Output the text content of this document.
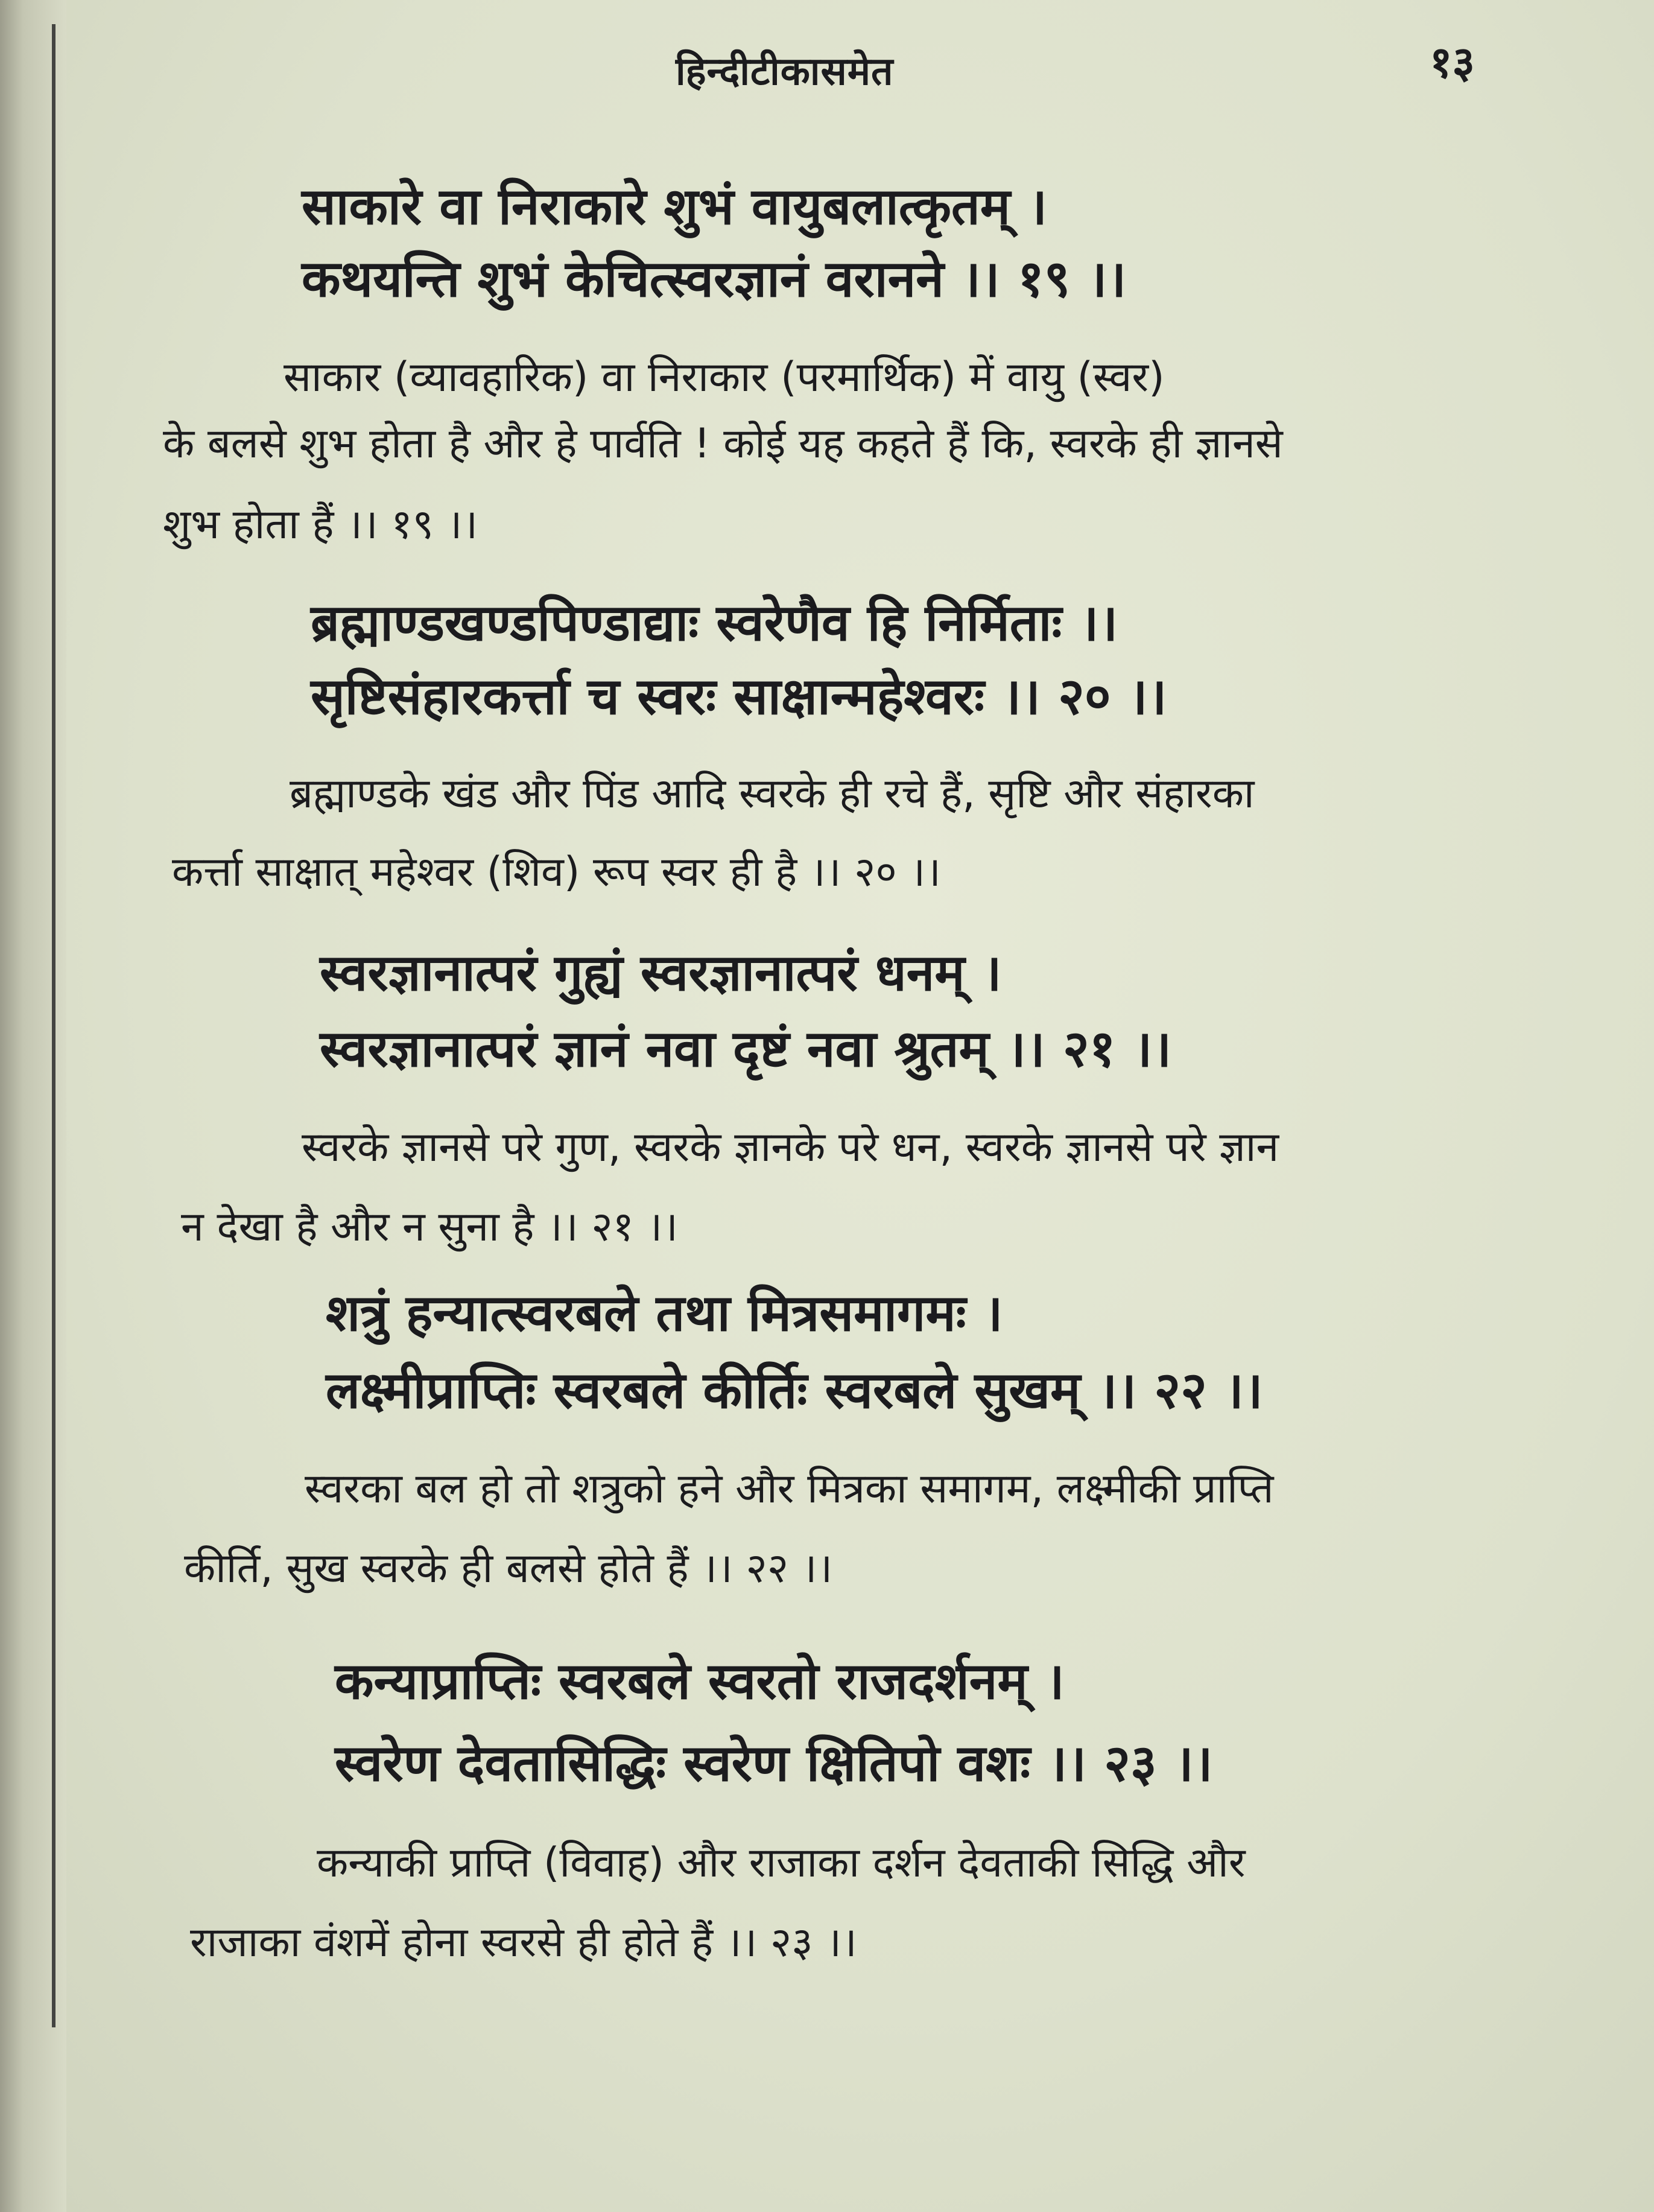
हिन्दीटीकासमेत	१३
साकारे वा निराकारे शुभं वायुबलात्कृतम् ।
कथयन्ति शुभं केचित्स्वरज्ञानं वरानने ।। १९ ।।
साकार (व्यावहारिक) वा निराकार (परमार्थिक) में वायु (स्वर)
के बलसे शुभ होता है और हे पार्वति ! कोई यह कहते हैं कि, स्वरके ही ज्ञानसे
शुभ होता हैं ।। १९ ।।
ब्रह्माण्डखण्डपिण्डाद्याः स्वरेणैव हि निर्मिताः ।।
सृष्टिसंहारकर्त्ता च स्वरः साक्षान्महेश्वरः ।। २० ।।
ब्रह्माण्डके खंड और पिंड आदि स्वरके ही रचे हैं, सृष्टि और संहारका
कर्त्ता साक्षात् महेश्वर (शिव) रूप स्वर ही है ।। २० ।।
स्वरज्ञानात्परं गुह्यं स्वरज्ञानात्परं धनम् ।
स्वरज्ञानात्परं ज्ञानं नवा दृष्टं नवा श्रुतम् ।। २१ ।।
स्वरके ज्ञानसे परे गुण, स्वरके ज्ञानके परे धन, स्वरके ज्ञानसे परे ज्ञान
न देखा है और न सुना है ।। २१ ।।
शत्रुं हन्यात्स्वरबले तथा मित्रसमागमः ।
लक्ष्मीप्राप्तिः स्वरबले कीर्तिः स्वरबले सुखम् ।। २२ ।।
स्वरका बल हो तो शत्रुको हने और मित्रका समागम, लक्ष्मीकी प्राप्ति
कीर्ति, सुख स्वरके ही बलसे होते हैं ।। २२ ।।
कन्याप्राप्तिः स्वरबले स्वरतो राजदर्शनम् ।
स्वरेण देवतासिद्धिः स्वरेण क्षितिपो वशः ।। २३ ।।
कन्याकी प्राप्ति (विवाह) और राजाका दर्शन देवताकी सिद्धि और
राजाका वंशमें होना स्वरसे ही होते हैं ।। २३ ।।
